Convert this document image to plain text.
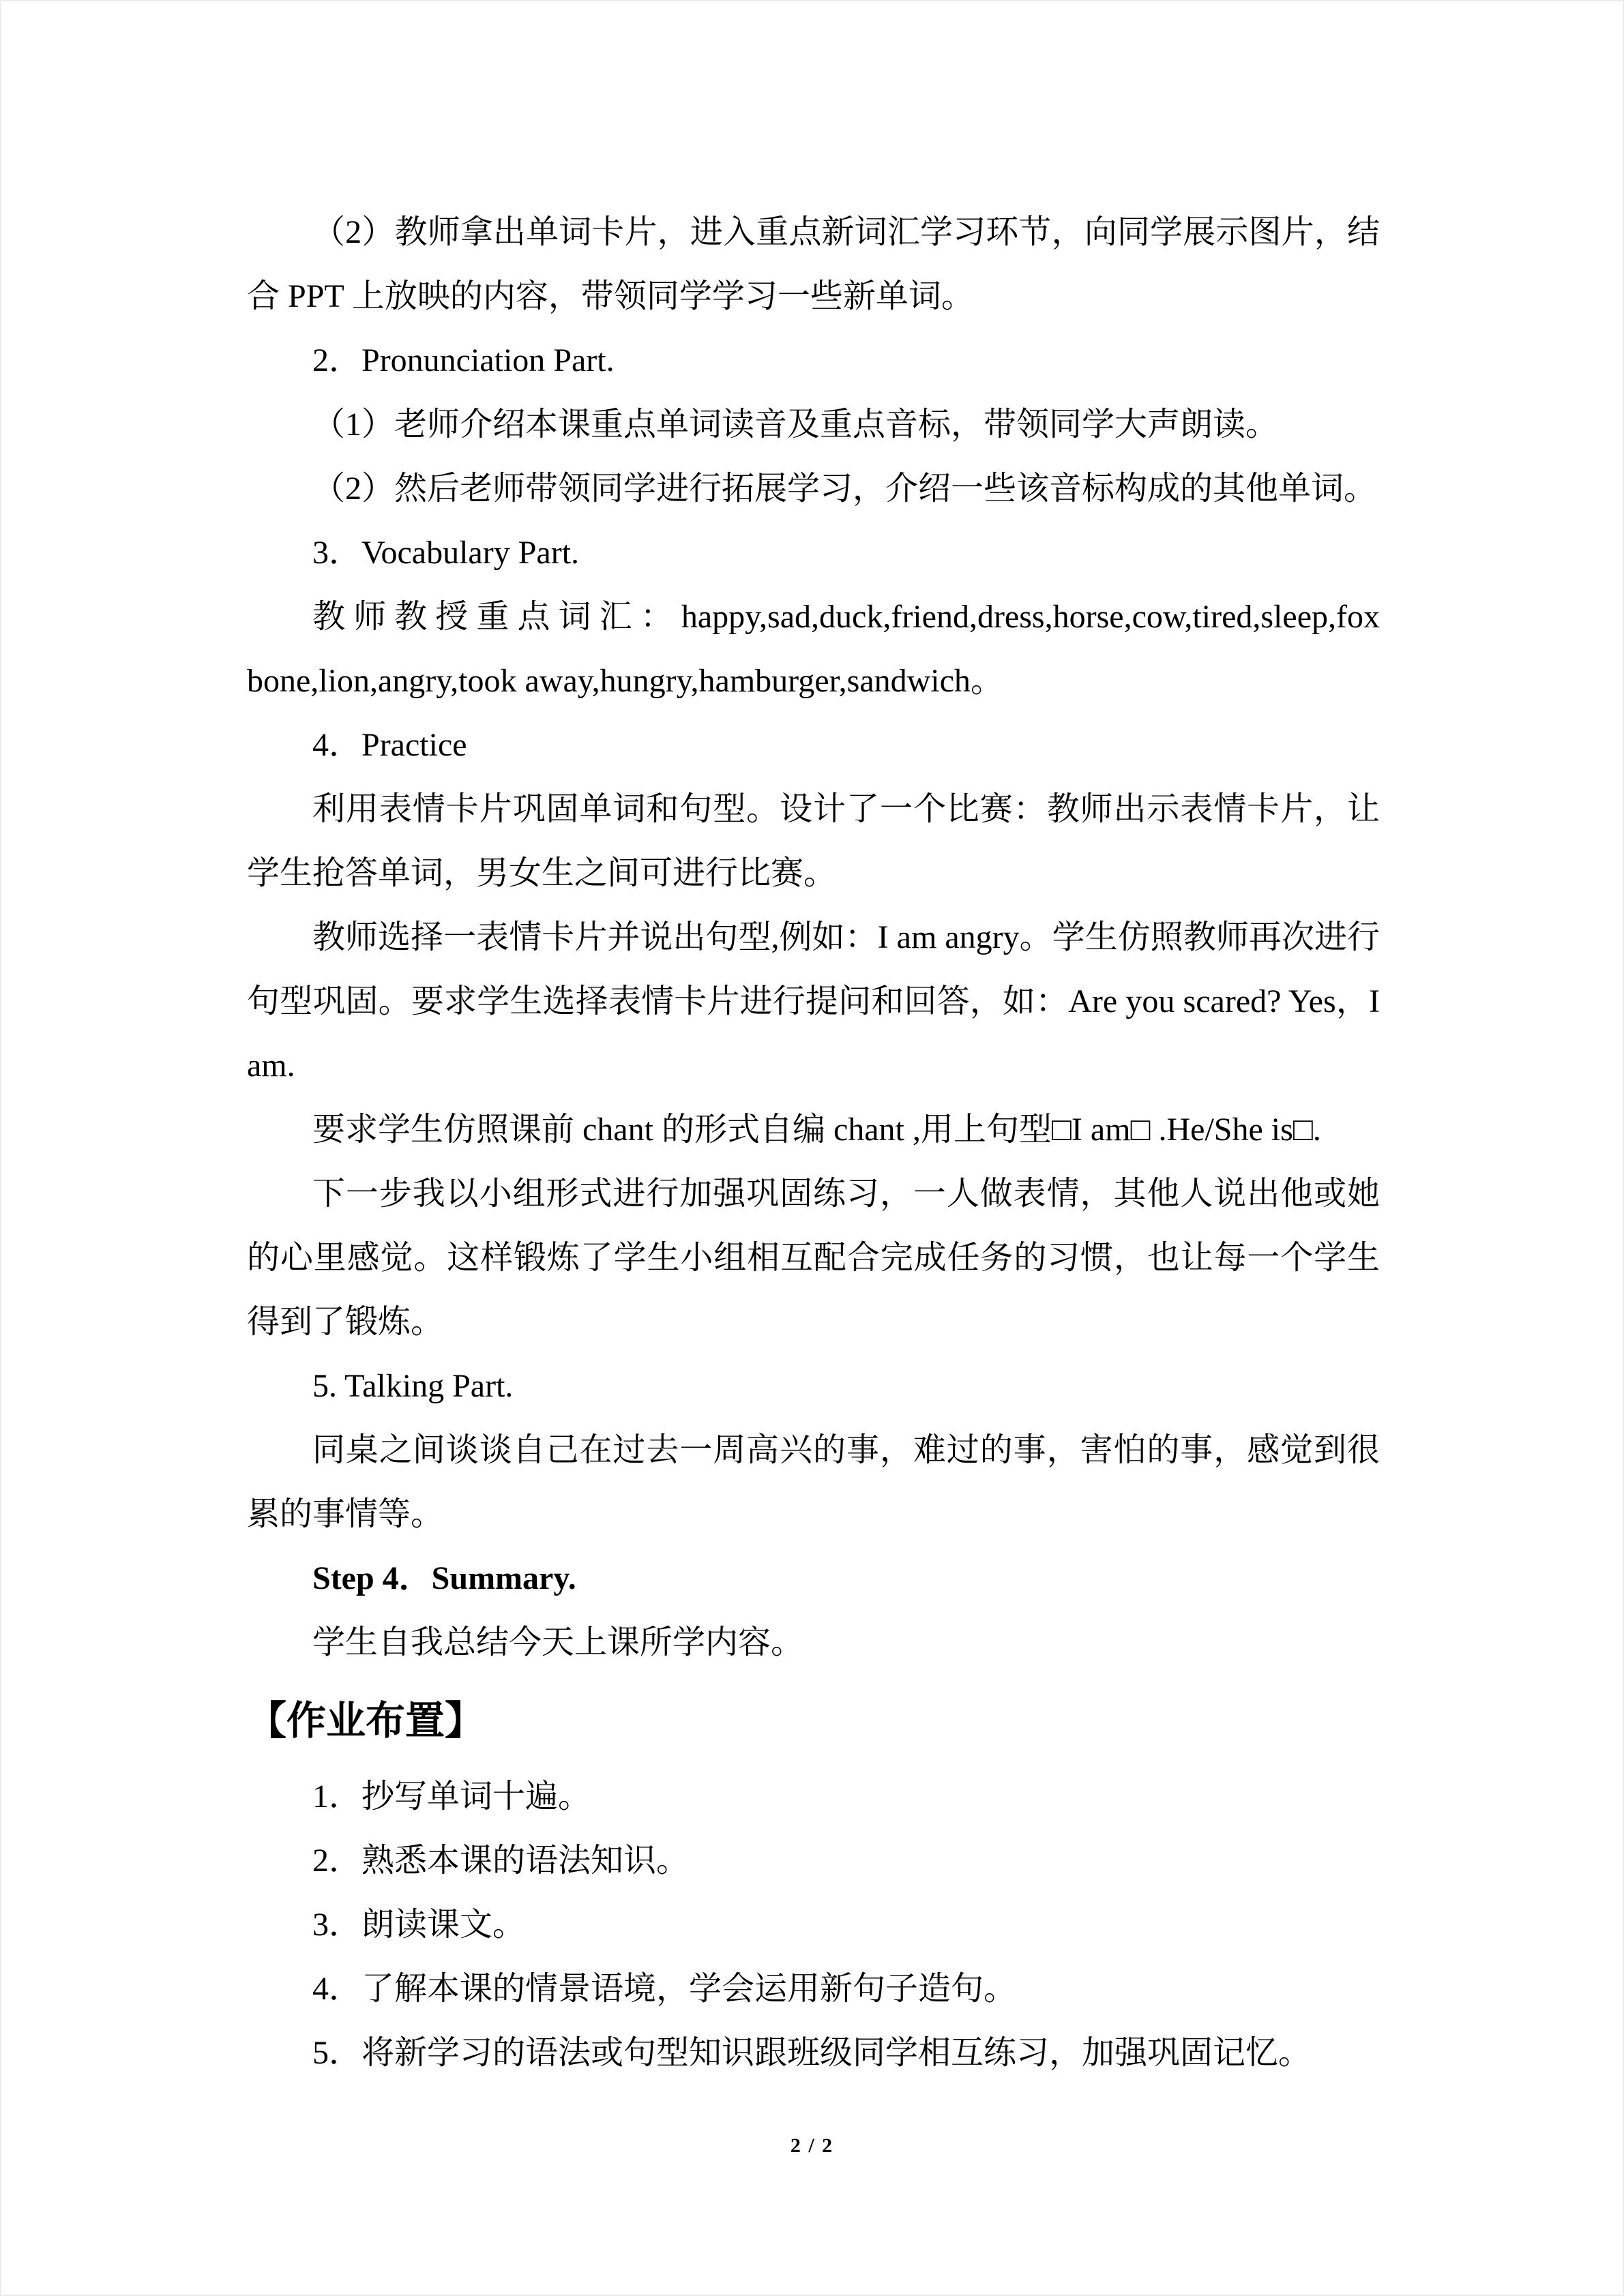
（2）教师拿出单词卡片，进入重点新词汇学习环节，向同学展示图片，结合 PPT 上放映的内容，带领同学学习一些新单词。

2．Pronunciation Part.

（1）老师介绍本课重点单词读音及重点音标，带领同学大声朗读。

（2）然后老师带领同学进行拓展学习，介绍一些该音标构成的其他单词。

3．Vocabulary Part.

教师教授重点词汇：happy,sad,duck,friend,dress,horse,cow,tired,sleep,fox bone,lion,angry,took away,hungry,hamburger,sandwich。

4．Practice

利用表情卡片巩固单词和句型。设计了一个比赛：教师出示表情卡片，让学生抢答单词，男女生之间可进行比赛。

教师选择一表情卡片并说出句型,例如：I am angry。学生仿照教师再次进行句型巩固。要求学生选择表情卡片进行提问和回答，如：Are you scared? Yes，I am.

要求学生仿照课前 chant 的形式自编 chant ,用上句型□I am□ .He/She is□.

下一步我以小组形式进行加强巩固练习，一人做表情，其他人说出他或她的心里感觉。这样锻炼了学生小组相互配合完成任务的习惯，也让每一个学生得到了锻炼。

5. Talking Part.

同桌之间谈谈自己在过去一周高兴的事，难过的事，害怕的事，感觉到很累的事情等。

Step 4．Summary.

学生自我总结今天上课所学内容。

【作业布置】

1．抄写单词十遍。

2．熟悉本课的语法知识。

3．朗读课文。

4．了解本课的情景语境，学会运用新句子造句。

5．将新学习的语法或句型知识跟班级同学相互练习，加强巩固记忆。

2 / 2
